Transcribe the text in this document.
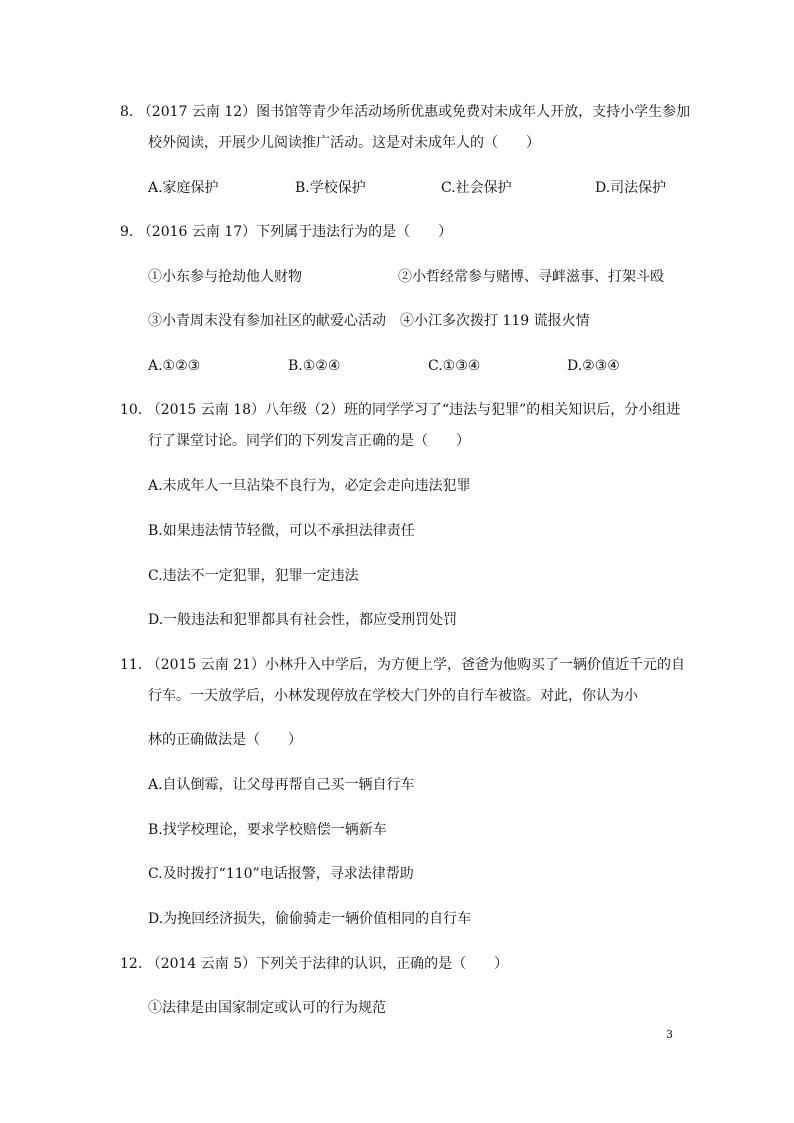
8. （2017 云南 12）图书馆等青少年活动场所优惠或免费对未成年人开放，支持小学生参加
校外阅读，开展少儿阅读推广活动。这是对未成年人的（　　）
A.家庭保护	B.学校保护	C.社会保护	D.司法保护
9. （2016 云南 17）下列属于违法行为的是（　　）
①小东参与抢劫他人财物	②小哲经常参与赌博、寻衅滋事、打架斗殴
③小青周末没有参加社区的献爱心活动 ④小江多次拨打 119 谎报火情
A.①②③	B.①②④	C.①③④	D.②③④
10. （2015 云南 18）八年级（2）班的同学学习了“违法与犯罪”的相关知识后，分小组进
行了课堂讨论。同学们的下列发言正确的是（　　）
A.未成年人一旦沾染不良行为，必定会走向违法犯罪
B.如果违法情节轻微，可以不承担法律责任
C.违法不一定犯罪，犯罪一定违法
D.一般违法和犯罪都具有社会性，都应受刑罚处罚
11. （2015 云南 21）小林升入中学后，为方便上学，爸爸为他购买了一辆价值近千元的自
行车。一天放学后，小林发现停放在学校大门外的自行车被盗。对此，你认为小
林的正确做法是（　　）
A.自认倒霉，让父母再帮自己买一辆自行车
B.找学校理论，要求学校赔偿一辆新车
C.及时拨打“110”电话报警，寻求法律帮助
D.为挽回经济损失，偷偷骑走一辆价值相同的自行车
12. （2014 云南 5）下列关于法律的认识，正确的是（　　）
①法律是由国家制定或认可的行为规范
3
